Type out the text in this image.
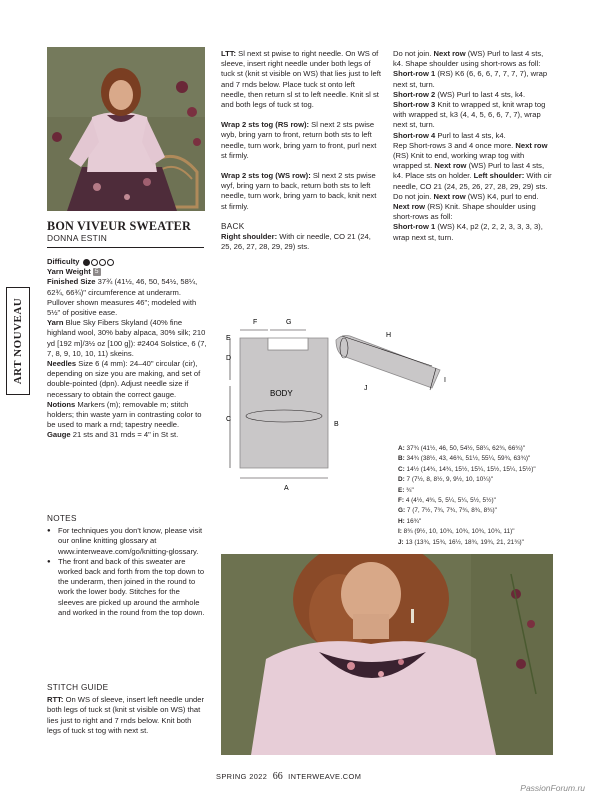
ART NOUVEAU
BON VIVEUR SWEATER
DONNA ESTIN

Difficulty

Yarn Weight 5

Finished Size 37¾ (41½, 46, 50, 54½, 58¼, 62¾, 66¾)" circumference at underarm. Pullover shown measures 46"; modeled with 5½" of positive ease.

Yarn Blue Sky Fibers Skyland (40% fine highland wool, 30% baby alpaca, 30% silk; 210 yd [192 m]/3½ oz [100 g]): #2404 Solstice, 6 (7, 7, 8, 9, 10, 10, 11) skeins.

Needles Size 6 (4 mm): 24–40" circular (cir), depending on size you are making, and set of double-pointed (dpn). Adjust needle size if necessary to obtain the correct gauge.

Notions Markers (m); removable m; stitch holders; thin waste yarn in contrasting color to be used to mark a rnd; tapestry needle.

Gauge 21 sts and 31 rnds = 4" in St st.

NOTES

● For techniques you don't know, please visit our online knitting glossary at www.interweave.com/go/knitting-glossary.
● The front and back of this sweater are worked back and forth from the top down to the underarm, then joined in the round to work the lower body. Stitches for the sleeves are picked up around the armhole and worked in the round from the top down.

STITCH GUIDE

RTT: On WS of sleeve, insert left needle under both legs of tuck st (knit st visible on WS) that lies just to right and 7 rnds below. Knit both legs of tuck st tog with next st.

LTT: Sl next st pwise to right needle. On WS of sleeve, insert right needle under both legs of tuck st (knit st visible on WS) that lies just to left and 7 rnds below. Place tuck st onto left needle, then return sl st to left needle. Knit sl st and both legs of tuck st tog.

Wrap 2 sts tog (RS row): Sl next 2 sts pwise wyb, bring yarn to front, return both sts to left needle, turn work, bring yarn to front, purl next st firmly.

Wrap 2 sts tog (WS row): Sl next 2 sts pwise wyf, bring yarn to back, return both sts to left needle, turn work, bring yarn to back, knit next st firmly.

BACK

Right shoulder: With cir needle, CO 21 (24, 25, 26, 27, 28, 29, 29) sts.

Do not join. Next row (WS) Purl to last 4 sts, k4. Shape shoulder using short-rows as foll:

Short-row 1 (RS) K6 (6, 6, 6, 7, 7, 7, 7), wrap next st, turn.

Short-row 2 (WS) Purl to last 4 sts, k4.

Short-row 3 Knit to wrapped st, knit wrap tog with wrapped st, k3 (4, 4, 5, 6, 6, 7, 7), wrap next st, turn.

Short-row 4 Purl to last 4 sts, k4.

Rep Short-rows 3 and 4 once more. Next row (RS) Knit to end, working wrap tog with wrapped st. Next row (WS) Purl to last 4 sts, k4. Place sts on holder. Left shoulder: With cir needle, CO 21 (24, 25, 26, 27, 28, 29, 29) sts. Do not join. Next row (WS) K4, purl to end. Next row (RS) Knit. Shape shoulder using short-rows as foll:

Short-row 1 (WS) K4, p2 (2, 2, 2, 3, 3, 3, 3), wrap next st, turn.

E
D
C
F	G
A
B
H
I
J
BODY
A: 37¾ (41½, 46, 50, 54½, 58¼, 62¾, 66¾)"
B: 34¾ (38½, 43, 46¾, 51½, 55¼, 59¾, 63¾)"
C: 14½ (14¾, 14¾, 15½, 15¼, 15½, 15¼, 15½)"
D: 7 (7½, 8, 8½, 9, 9½, 10, 10¼)"
E: ¾"
F: 4 (4½, 4¾, 5, 5¼, 5¼, 5½, 5½)"
G: 7 (7, 7½, 7¾, 7¾, 7¾, 8¾, 8¾)"
H: 16¾"
I: 8¾ (9½, 10, 10¾, 10¾, 10¾, 10¾, 11)"
J: 13 (13¾, 15¾, 16½, 18¾, 19¾, 21, 21¾)"
SPRING 2022 66 INTERWEAVE.COM
PassionForum.ru
